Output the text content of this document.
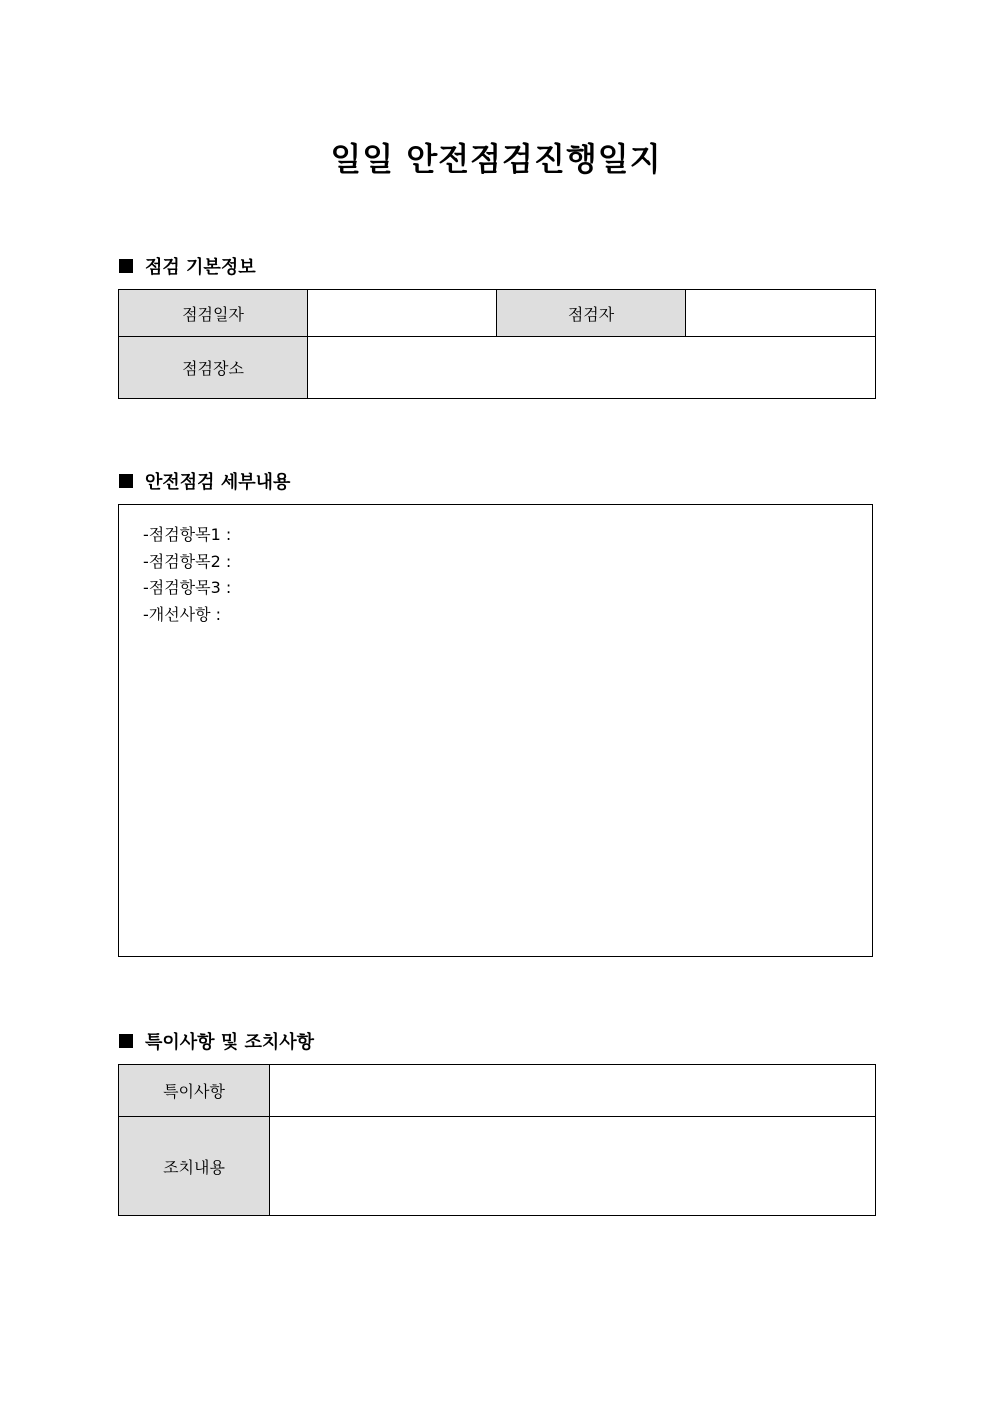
일일 안전점검진행일지
점검 기본정보
점검일자		점검자	
점검장소			
안전점검 세부내용
-점검항목1 :
-점검항목2 :
-점검항목3 :
-개선사항 :
특이사항 및 조치사항
특이사항	
조치내용	
